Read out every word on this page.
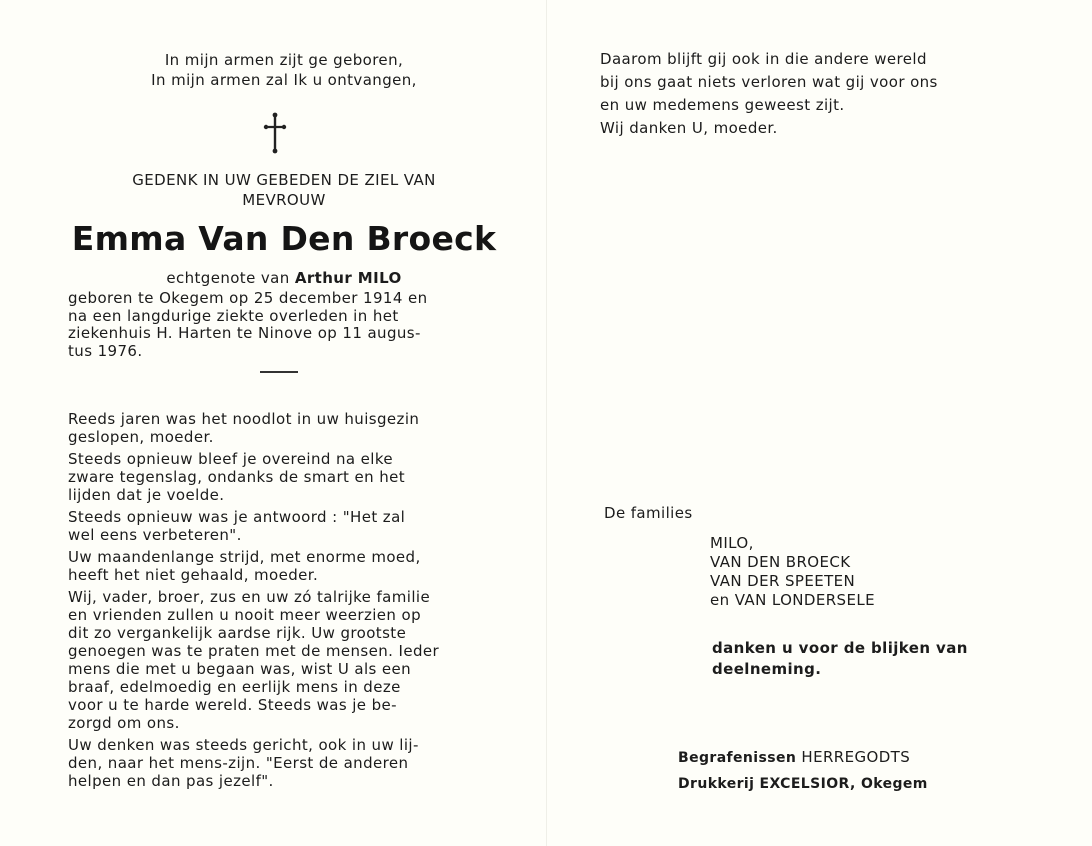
In mijn armen zijt ge geboren,
In mijn armen zal Ik u ontvangen,
GEDENK IN UW GEBEDEN DE ZIEL VAN
MEVROUW
Emma Van Den Broeck
echtgenote van Arthur MILO
geboren te Okegem op 25 december 1914 en
na een langdurige ziekte overleden in het
ziekenhuis H. Harten te Ninove op 11 augus-
tus 1976.
Reeds jaren was het noodlot in uw huisgezin
geslopen, moeder.
Steeds opnieuw bleef je overeind na elke
zware tegenslag, ondanks de smart en het
lijden dat je voelde.
Steeds opnieuw was je antwoord : "Het zal
wel eens verbeteren".
Uw maandenlange strijd, met enorme moed,
heeft het niet gehaald, moeder.
Wij, vader, broer, zus en uw zó talrijke familie
en vrienden zullen u nooit meer weerzien op
dit zo vergankelijk aardse rijk. Uw grootste
genoegen was te praten met de mensen. Ieder
mens die met u begaan was, wist U als een
braaf, edelmoedig en eerlijk mens in deze
voor u te harde wereld. Steeds was je be-
zorgd om ons.
Uw denken was steeds gericht, ook in uw lij-
den, naar het mens-zijn. "Eerst de anderen
helpen en dan pas jezelf".
Daarom blijft gij ook in die andere wereld
bij ons gaat niets verloren wat gij voor ons
en uw medemens geweest zijt.
Wij danken U, moeder.
De families
MILO,
VAN DEN BROECK
VAN DER SPEETEN
en VAN LONDERSELE
danken u voor de blijken van
deelneming.
Begrafenissen HERREGODTS
Drukkerij EXCELSIOR, Okegem
